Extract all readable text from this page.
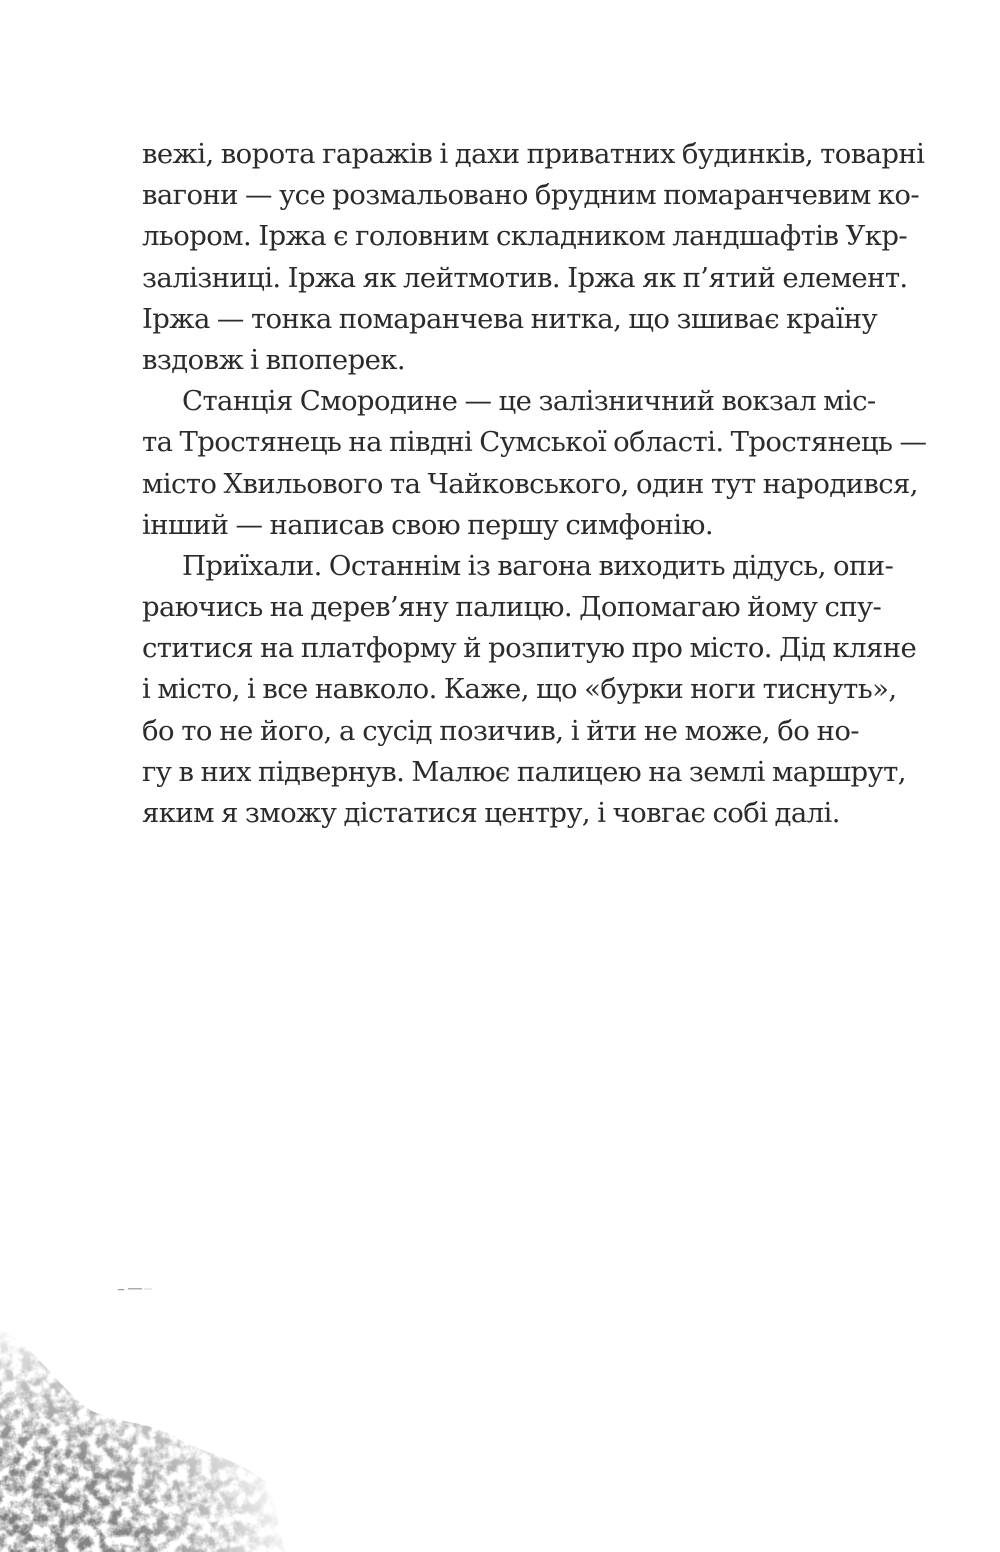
вежі, ворота гаражів і дахи приватних будинків, товарні
вагони — усе розмальовано брудним помаранчевим ко-
льором. Іржа є головним складником ландшафтів Укр-
залізниці. Іржа як лейтмотив. Іржа як п’ятий елемент.
Іржа — тонка помаранчева нитка, що зшиває країну
вздовж і впоперек.
Станція Смородине — це залізничний вокзал міс-
та Тростянець на півдні Сумської області. Тростянець —
місто Хвильового та Чайковського, один тут народився,
інший — написав свою першу симфонію.
Приїхали. Останнім із вагона виходить дідусь, опи-
раючись на дерев’яну палицю. Допомагаю йому спу-
ститися на платформу й розпитую про місто. Дід кляне
і місто, і все навколо. Каже, що «бурки ноги тиснуть»,
бо то не його, а сусід позичив, і йти не може, бо но-
гу в них підвернув. Малює палицею на землі маршрут,
яким я зможу дістатися центру, і човгає собі далі.
